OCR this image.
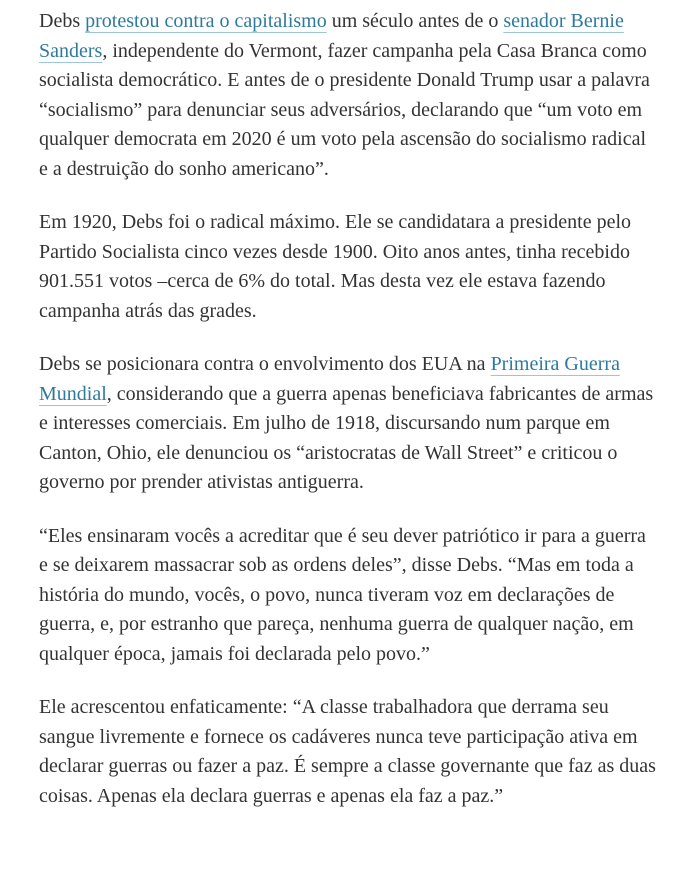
Debs protestou contra o capitalismo um século antes de o senador Bernie Sanders, independente do Vermont, fazer campanha pela Casa Branca como socialista democrático. E antes de o presidente Donald Trump usar a palavra “socialismo” para denunciar seus adversários, declarando que “um voto em qualquer democrata em 2020 é um voto pela ascensão do socialismo radical e a destruição do sonho americano”.

Em 1920, Debs foi o radical máximo. Ele se candidatara a presidente pelo Partido Socialista cinco vezes desde 1900. Oito anos antes, tinha recebido 901.551 votos –cerca de 6% do total. Mas desta vez ele estava fazendo campanha atrás das grades.

Debs se posicionara contra o envolvimento dos EUA na Primeira Guerra Mundial, considerando que a guerra apenas beneficiava fabricantes de armas e interesses comerciais. Em julho de 1918, discursando num parque em Canton, Ohio, ele denunciou os “aristocratas de Wall Street” e criticou o governo por prender ativistas antiguerra.

“Eles ensinaram vocês a acreditar que é seu dever patriótico ir para a guerra e se deixarem massacrar sob as ordens deles”, disse Debs. “Mas em toda a história do mundo, vocês, o povo, nunca tiveram voz em declarações de guerra, e, por estranho que pareça, nenhuma guerra de qualquer nação, em qualquer época, jamais foi declarada pelo povo.”

Ele acrescentou enfaticamente: “A classe trabalhadora que derrama seu sangue livremente e fornece os cadáveres nunca teve participação ativa em declarar guerras ou fazer a paz. É sempre a classe governante que faz as duas coisas. Apenas ela declara guerras e apenas ela faz a paz.”
